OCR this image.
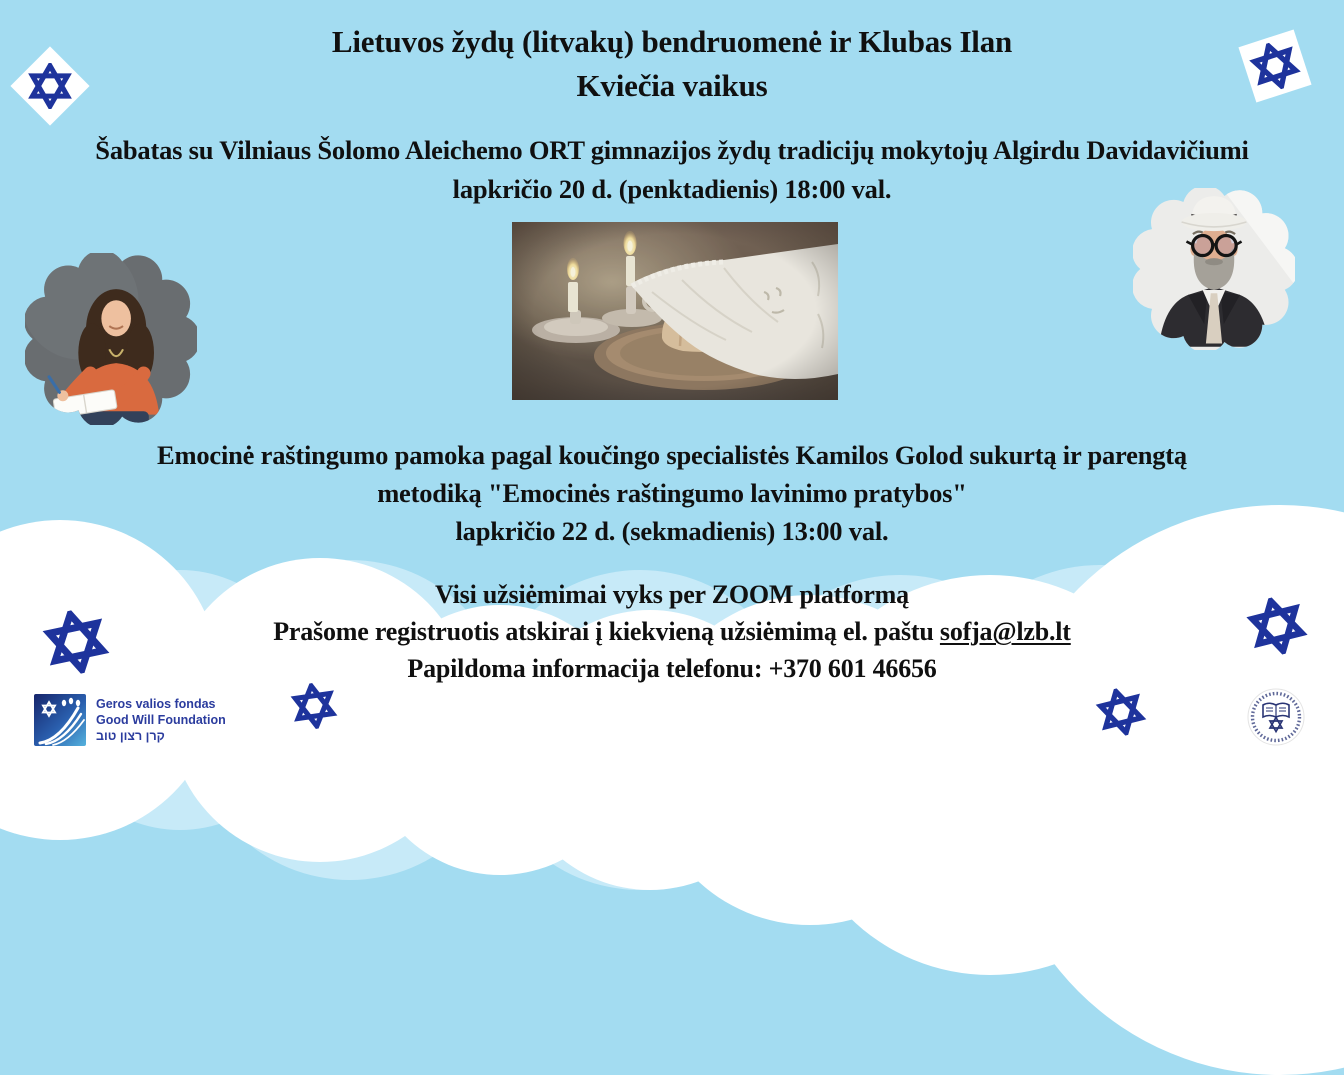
Lietuvos žydų (litvakų) bendruomenė ir Klubas Ilan
Kviečia vaikus
Šabatas su Vilniaus Šolomo Aleichemo ORT gimnazijos žydų tradicijų mokytojų Algirdu Davidavičiumi
lapkričio 20 d. (penktadienis) 18:00 val.
Emocinė raštingumo pamoka pagal koučingo specialistės Kamilos Golod sukurtą ir parengtą
metodiką "Emocinės raštingumo lavinimo pratybos"
lapkričio 22 d. (sekmadienis) 13:00 val.
Visi užsiėmimai vyks per ZOOM platformą
Prašome registruotis atskirai į kiekvieną užsiėmimą el. paštu sofja@lzb.lt
Papildoma informacija telefonu: +370 601 46656
Geros valios fondas
Good Will Foundation
קרן רצון טוב
